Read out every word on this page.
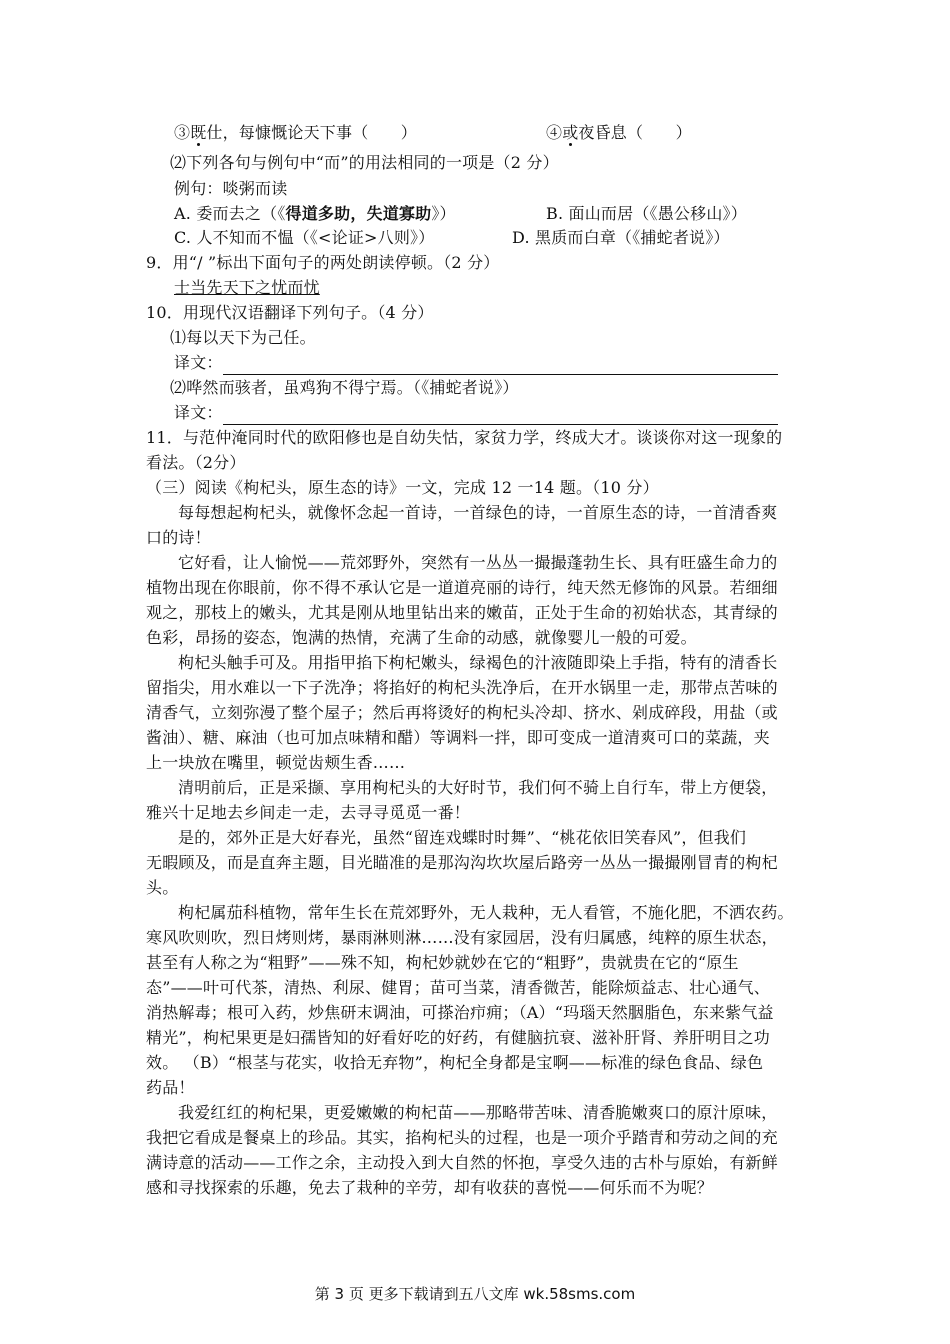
③既仕，每慷慨论天下事（　　）	④或夜昏息（　　）
⑵下列各句与例句中“而”的用法相同的一项是（2 分）
例句：啖粥而读
A. 委而去之（《得道多助，失道寡助》）	B. 面山而居（《愚公移山》）
C. 人不知而不愠（《<论证>八则》）	D. 黑质而白章（《捕蛇者说》）
9．用“/ ”标出下面句子的两处朗读停顿。（2 分）
士当先天下之忧而忧
10．用现代汉语翻译下列句子。（4 分）
⑴每以天下为己任。
译文：
⑵哗然而骇者，虽鸡狗不得宁焉。（《捕蛇者说》）
译文：
11．与范仲淹同时代的欧阳修也是自幼失怙，家贫力学，终成大才。谈谈你对这一现象的
看法。（2分）
（三）阅读《枸杞头，原生态的诗》一文，完成 12 一14 题。（10 分）
每每想起枸杞头，就像怀念起一首诗，一首绿色的诗，一首原生态的诗，一首清香爽
口的诗！
它好看，让人愉悦——荒郊野外，突然有一丛丛一撮撮蓬勃生长、具有旺盛生命力的
植物出现在你眼前，你不得不承认它是一道道亮丽的诗行，纯天然无修饰的风景。若细细
观之，那枝上的嫩头，尤其是刚从地里钻出来的嫩苗，正处于生命的初始状态，其青绿的
色彩，昂扬的姿态，饱满的热情，充满了生命的动感，就像婴儿一般的可爱。
枸杞头触手可及。用指甲掐下枸杞嫩头，绿褐色的汁液随即染上手指，特有的清香长
留指尖，用水难以一下子洗净；将掐好的枸杞头洗净后，在开水锅里一走，那带点苦味的
清香气，立刻弥漫了整个屋子；然后再将烫好的枸杞头冷却、挤水、剁成碎段，用盐（或
酱油）、糖、麻油（也可加点味精和醋）等调料一拌，即可变成一道清爽可口的菜蔬，夹
上一块放在嘴里，顿觉齿颊生香……
清明前后，正是采撷、享用枸杞头的大好时节，我们何不骑上自行车，带上方便袋，
雅兴十足地去乡间走一走，去寻寻觅觅一番！
是的，郊外正是大好春光，虽然“留连戏蝶时时舞”、“桃花依旧笑春风”，但我们
无暇顾及，而是直奔主题，目光瞄准的是那沟沟坎坎屋后路旁一丛丛一撮撮刚冒青的枸杞
头。
枸杞属茄科植物，常年生长在荒郊野外，无人栽种，无人看管，不施化肥，不洒农药。
寒风吹则吹，烈日烤则烤，暴雨淋则淋……没有家园居，没有归属感，纯粹的原生状态，
甚至有人称之为“粗野”——殊不知，枸杞妙就妙在它的“粗野”，贵就贵在它的“原生
态”——叶可代茶，清热、利尿、健胃；苗可当菜，清香微苦，能除烦益志、壮心通气、
消热解毒；根可入药，炒焦研末调油，可搽治疖痈；（A）“玛瑙天然胭脂色，东来紫气益
精光”，枸杞果更是妇孺皆知的好看好吃的好药，有健脑抗衰、滋补肝肾、养肝明目之功
效。 （B）“根茎与花实，收拾无弃物”，枸杞全身都是宝啊——标准的绿色食品、绿色
药品！
我爱红红的枸杞果，更爱嫩嫩的枸杞苗——那略带苦味、清香脆嫩爽口的原汁原味，
我把它看成是餐桌上的珍品。其实，掐枸杞头的过程，也是一项介乎踏青和劳动之间的充
满诗意的活动——工作之余，主动投入到大自然的怀抱，享受久违的古朴与原始，有新鲜
感和寻找探索的乐趣，免去了栽种的辛劳，却有收获的喜悦——何乐而不为呢？
第 3 页 更多下载请到五八文库 wk.58sms.com
